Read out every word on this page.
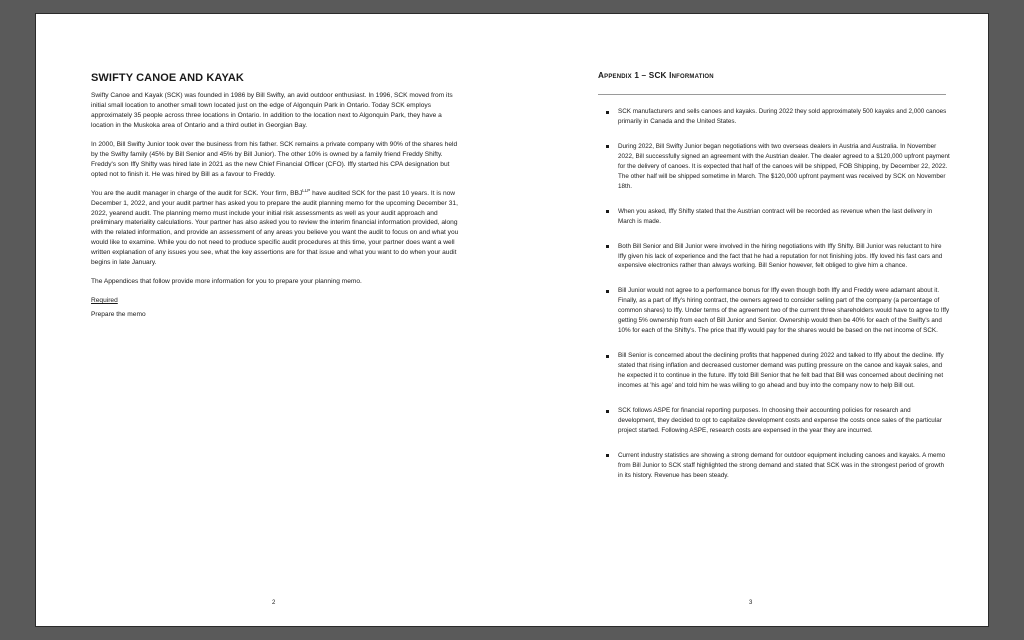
SWIFTY CANOE AND KAYAK

Swifty Canoe and Kayak (SCK) was founded in 1986 by Bill Swifty, an avid outdoor enthusiast. In 1996, SCK moved from its initial small location to another small town located just on the edge of Algonquin Park in Ontario. Today SCK employs approximately 35 people across three locations in Ontario. In addition to the location next to Algonquin Park, they have a location in the Muskoka area of Ontario and a third outlet in Georgian Bay.

In 2000, Bill Swifty Junior took over the business from his father. SCK remains a private company with 90% of the shares held by the Swifty family (45% by Bill Senior and 45% by Bill Junior). The other 10% is owned by a family friend Freddy Shifty. Freddy's son Iffy Shifty was hired late in 2021 as the new Chief Financial Officer (CFO). Iffy started his CPA designation but opted not to finish it. He was hired by Bill as a favour to Freddy.

You are the audit manager in charge of the audit for SCK. Your firm, $BBJ^{LLP}$ have audited SCK for the past 10 years. It is now December 1, 2022, and your audit partner has asked you to prepare the audit planning memo for the upcoming December 31, 2022, yearend audit. The planning memo must include your initial risk assessments as well as your audit approach and preliminary materiality calculations. Your partner has also asked you to review the interim financial information provided, along with the related information, and provide an assessment of any areas you believe you want the audit to focus on and what you would like to examine. While you do not need to produce specific audit procedures at this time, your partner does want a well written explanation of any issues you see, what the key assertions are for that issue and what you want to do when your audit begins in late January.

The Appendices that follow provide more information for you to prepare your planning memo.

Required

Prepare the memo

2
Appendix 1 – SCK Information
SCK manufacturers and sells canoes and kayaks. During 2022 they sold approximately 500 kayaks and 2,000 canoes primarily in Canada and the United States.
During 2022, Bill Swifty Junior began negotiations with two overseas dealers in Austria and Australia. In November 2022, Bill successfully signed an agreement with the Austrian dealer. The dealer agreed to a $120,000 upfront payment for the delivery of canoes. It is expected that half of the canoes will be shipped, FOB Shipping, by December 22, 2022. The other half will be shipped sometime in March. The $120,000 upfront payment was received by SCK on November 18th.
When you asked, Iffy Shifty stated that the Austrian contract will be recorded as revenue when the last delivery in March is made.
Both Bill Senior and Bill Junior were involved in the hiring negotiations with Iffy Shifty. Bill Junior was reluctant to hire Iffy given his lack of experience and the fact that he had a reputation for not finishing jobs. Iffy loved his fast cars and expensive electronics rather than always working. Bill Senior however, felt obliged to give him a chance.
Bill Junior would not agree to a performance bonus for Iffy even though both Iffy and Freddy were adamant about it. Finally, as a part of Iffy's hiring contract, the owners agreed to consider selling part of the company (a percentage of common shares) to Iffy. Under terms of the agreement two of the current three shareholders would have to agree to Iffy getting 5% ownership from each of Bill Junior and Senior. Ownership would then be 40% for each of the Swifty's and 10% for each of the Shifty's. The price that Iffy would pay for the shares would be based on the net income of SCK.
Bill Senior is concerned about the declining profits that happened during 2022 and talked to Iffy about the decline. Iffy stated that rising inflation and decreased customer demand was putting pressure on the canoe and kayak sales, and he expected it to continue in the future. Iffy told Bill Senior that he felt bad that Bill was concerned about declining net incomes at 'his age' and told him he was willing to go ahead and buy into the company now to help Bill out.
SCK follows ASPE for financial reporting purposes. In choosing their accounting policies for research and development, they decided to opt to capitalize development costs and expense the costs once sales of the particular project started. Following ASPE, research costs are expensed in the year they are incurred.
Current industry statistics are showing a strong demand for outdoor equipment including canoes and kayaks. A memo from Bill Junior to SCK staff highlighted the strong demand and stated that SCK was in the strongest period of growth in its history. Revenue has been steady.
3
